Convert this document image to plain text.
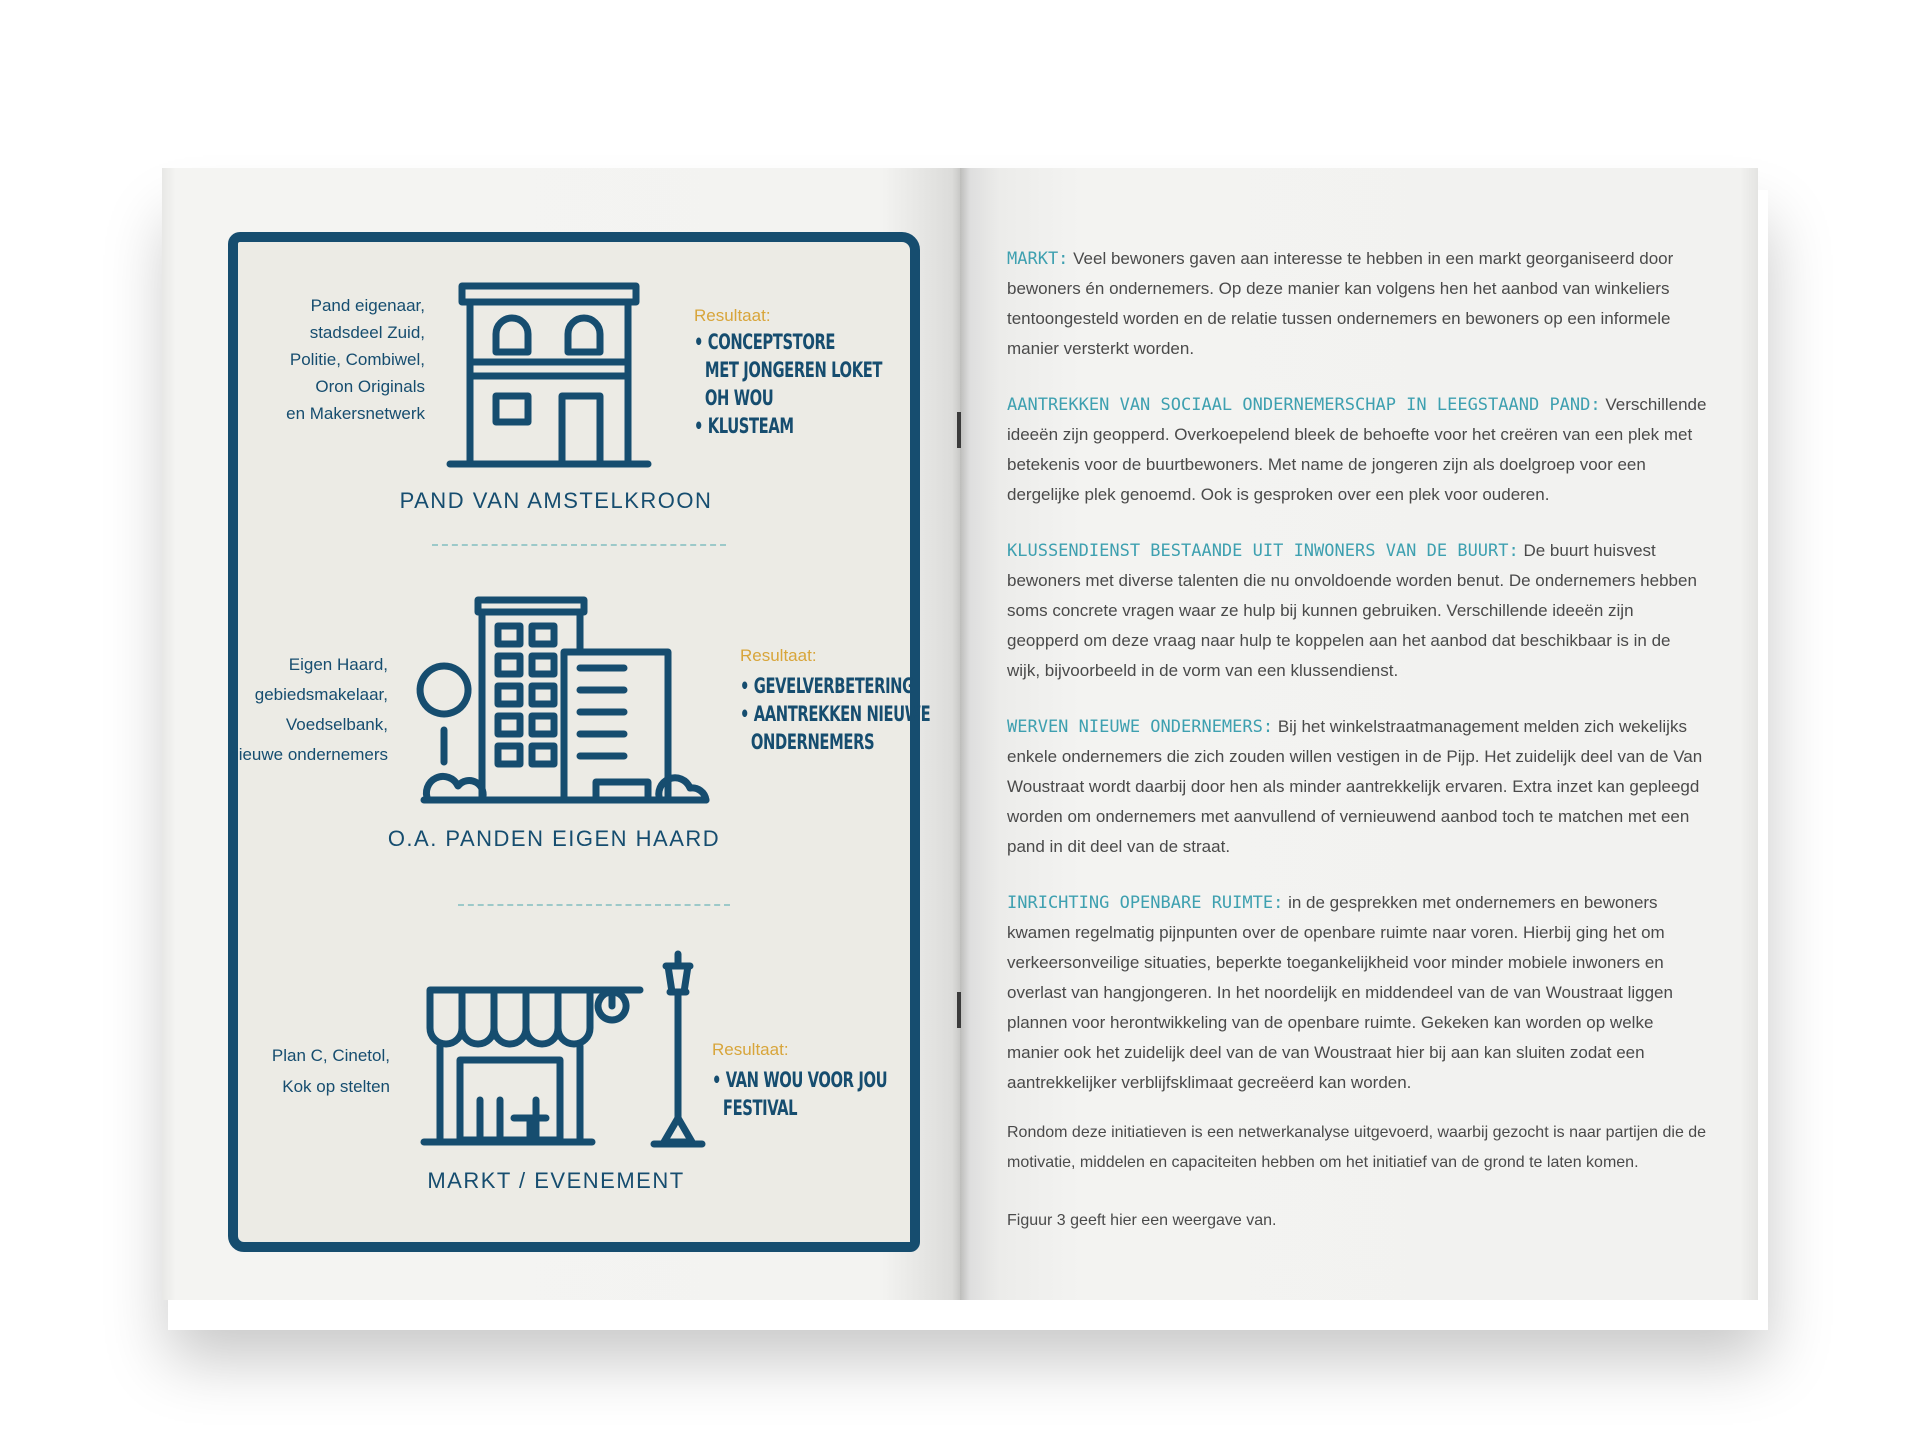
Pand eigenaar,
stadsdeel Zuid,
Politie, Combiwel,
Oron Originals
en Makersnetwerk
Resultaat:
• CONCEPTSTORE
MET JONGEREN LOKET
OH WOU
• KLUSTEAM
PAND VAN AMSTELKROON
Eigen Haard,
gebiedsmakelaar,
Voedselbank,
nieuwe ondernemers
Resultaat:
• GEVELVERBETERING
• AANTREKKEN NIEUWE
ONDERNEMERS
O.A. PANDEN EIGEN HAARD
Plan C, Cinetol,
Kok op stelten
Resultaat:
• VAN WOU VOOR JOU
FESTIVAL
MARKT / EVENEMENT
MARKT: Veel bewoners gaven aan interesse te hebben in een markt georganiseerd door bewoners én ondernemers. Op deze manier kan volgens hen het aanbod van winkeliers tentoongesteld worden en de relatie tussen ondernemers en bewoners op een informele manier versterkt worden.
AANTREKKEN VAN SOCIAAL ONDERNEMERSCHAP IN LEEGSTAAND PAND: Verschillende ideeën zijn geopperd. Overkoepelend bleek de behoefte voor het creëren van een plek met betekenis voor de buurtbewoners. Met name de jongeren zijn als doelgroep voor een dergelijke plek genoemd. Ook is gesproken over een plek voor ouderen.
KLUSSENDIENST BESTAANDE UIT INWONERS VAN DE BUURT: De buurt huisvest bewoners met diverse talenten die nu onvoldoende worden benut. De ondernemers hebben soms concrete vragen waar ze hulp bij kunnen gebruiken. Verschillende ideeën zijn geopperd om deze vraag naar hulp te koppelen aan het aanbod dat beschikbaar is in de wijk, bijvoorbeeld in de vorm van een klussendienst.
WERVEN NIEUWE ONDERNEMERS: Bij het winkelstraatmanagement melden zich wekelijks enkele ondernemers die zich zouden willen vestigen in de Pijp. Het zuidelijk deel van de Van Woustraat wordt daarbij door hen als minder aantrekkelijk ervaren. Extra inzet kan gepleegd worden om ondernemers met aanvullend of vernieuwend aanbod toch te matchen met een pand in dit deel van de straat.
INRICHTING OPENBARE RUIMTE: in de gesprekken met ondernemers en bewoners kwamen regelmatig pijnpunten over de openbare ruimte naar voren. Hierbij ging het om verkeersonveilige situaties, beperkte toegankelijkheid voor minder mobiele inwoners en overlast van hangjongeren. In het noordelijk en middendeel van de van Woustraat liggen plannen voor herontwikkeling van de openbare ruimte. Gekeken kan worden op welke manier ook het zuidelijk deel van de van Woustraat hier bij aan kan sluiten zodat een aantrekkelijker verblijfsklimaat gecreëerd kan worden.
Rondom deze initiatieven is een netwerkanalyse uitgevoerd, waarbij gezocht is naar partijen die de motivatie, middelen en capaciteiten hebben om het initiatief van de grond te laten komen.
Figuur 3 geeft hier een weergave van.
